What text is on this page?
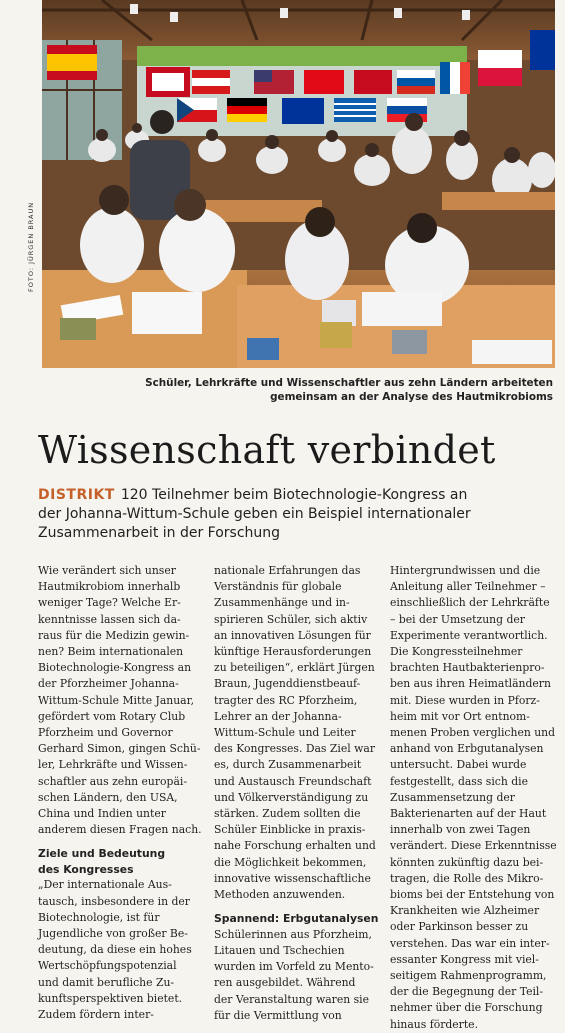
FOTO: JÜRGEN BRAUN
Schüler, Lehrkräfte und Wissenschaftler aus zehn Ländern arbeiteten
gemeinsam an der Analyse des Hautmikrobioms
Wissenschaft verbindet
DISTRIKT 120 Teilnehmer beim Biotechnologie-Kongress an
der Johanna-Wittum-Schule geben ein Beispiel internationaler
Zusammenarbeit in der Forschung

Wie verändert sich unser

Hautmikrobiom innerhalb

weniger Tage? Welche Er-

kenntnisse lassen sich da-

raus für die Medizin gewin-

nen? Beim internationalen

Biotechnologie-Kongress an

der Pforzheimer Johanna-

Wittum-Schule Mitte Januar,

gefördert vom Rotary Club

Pforzheim und Governor

Gerhard Simon, gingen Schü-

ler, Lehrkräfte und Wissen-

schaftler aus zehn europäi-

schen Ländern, den USA,

China und Indien unter

anderem diesen Fragen nach.

Ziele und Bedeutung

des Kongresses

„Der internationale Aus-

tausch, insbesondere in der

Biotechnologie, ist für

Jugendliche von großer Be-

deutung, da diese ein hohes

Wertschöpfungspotenzial

und damit berufliche Zu-

kunftsperspektiven bietet.

Zudem fördern inter-

nationale Erfahrungen das

Verständnis für globale

Zusammenhänge und in-

spirieren Schüler, sich aktiv

an innovativen Lösungen für

künftige Herausforderungen

zu beteiligen“, erklärt Jürgen

Braun, Jugenddienstbeauf-

tragter des RC Pforzheim,

Lehrer an der Johanna-

Wittum-Schule und Leiter

des Kongresses. Das Ziel war

es, durch Zusammenarbeit

und Austausch Freundschaft

und Völkerverständigung zu

stärken. Zudem sollten die

Schüler Einblicke in praxis-

nahe Forschung erhalten und

die Möglichkeit bekommen,

innovative wissenschaftliche

Methoden anzuwenden.

Spannend: Erbgutanalysen

Schülerinnen aus Pforzheim,

Litauen und Tschechien

wurden im Vorfeld zu Mento-

ren ausgebildet. Während

der Veranstaltung waren sie

für die Vermittlung von

Hintergrundwissen und die

Anleitung aller Teilnehmer –

einschließlich der Lehrkräfte

– bei der Umsetzung der

Experimente verantwortlich.

Die Kongressteilnehmer

brachten Hautbakterienpro-

ben aus ihren Heimatländern

mit. Diese wurden in Pforz-

heim mit vor Ort entnom-

menen Proben verglichen und

anhand von Erbgutanalysen

untersucht. Dabei wurde

festgestellt, dass sich die

Zusammensetzung der

Bakterienarten auf der Haut

innerhalb von zwei Tagen

verändert. Diese Erkenntnisse

könnten zukünftig dazu bei-

tragen, die Rolle des Mikro-

bioms bei der Entstehung von

Krankheiten wie Alzheimer

oder Parkinson besser zu

verstehen. Das war ein inter-

essanter Kongress mit viel-

seitigem Rahmenprogramm,

der die Begegnung der Teil-

nehmer über die Forschung

hinaus förderte.
